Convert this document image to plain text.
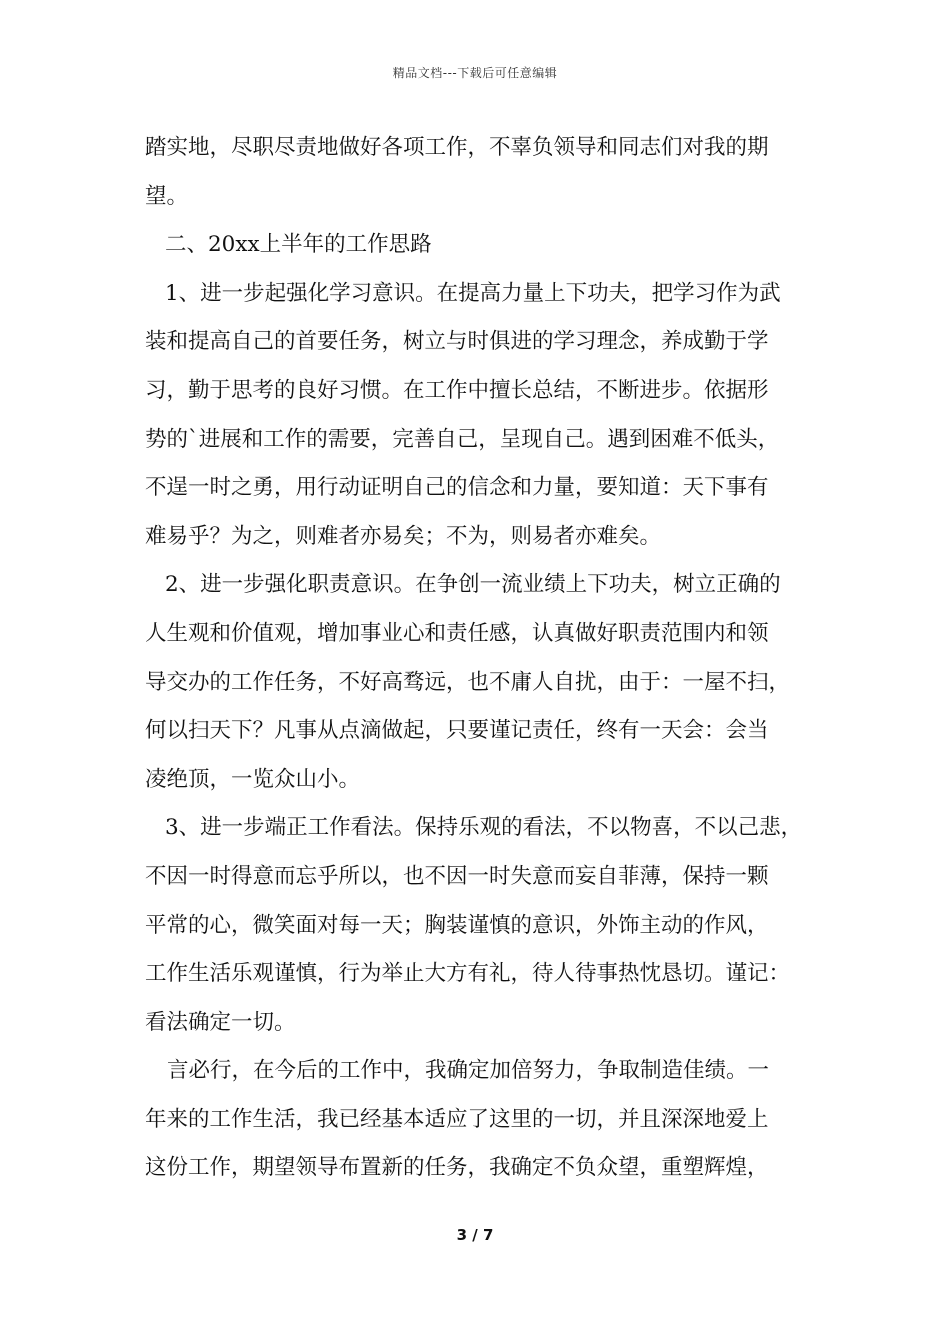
精品文档---下载后可任意编辑
踏实地，尽职尽责地做好各项工作，不辜负领导和同志们对我的期
望。
二、20xx上半年的工作思路
1、进一步起强化学习意识。在提高力量上下功夫，把学习作为武
装和提高自己的首要任务，树立与时俱进的学习理念，养成勤于学
习，勤于思考的良好习惯。在工作中擅长总结，不断进步。依据形
势的`进展和工作的需要，完善自己，呈现自己。遇到困难不低头，
不逞一时之勇，用行动证明自己的信念和力量，要知道：天下事有
难易乎？为之，则难者亦易矣；不为，则易者亦难矣。
2、进一步强化职责意识。在争创一流业绩上下功夫，树立正确的
人生观和价值观，增加事业心和责任感，认真做好职责范围内和领
导交办的工作任务，不好高骛远，也不庸人自扰，由于：一屋不扫，
何以扫天下？凡事从点滴做起，只要谨记责任，终有一天会：会当
凌绝顶，一览众山小。
3、进一步端正工作看法。保持乐观的看法，不以物喜，不以己悲，
不因一时得意而忘乎所以，也不因一时失意而妄自菲薄，保持一颗
平常的心，微笑面对每一天；胸装谨慎的意识，外饰主动的作风，
工作生活乐观谨慎，行为举止大方有礼，待人待事热忱恳切。谨记：
看法确定一切。
言必行，在今后的工作中，我确定加倍努力，争取制造佳绩。一
年来的工作生活，我已经基本适应了这里的一切，并且深深地爱上
这份工作，期望领导布置新的任务，我确定不负众望，重塑辉煌，
3 / 7
